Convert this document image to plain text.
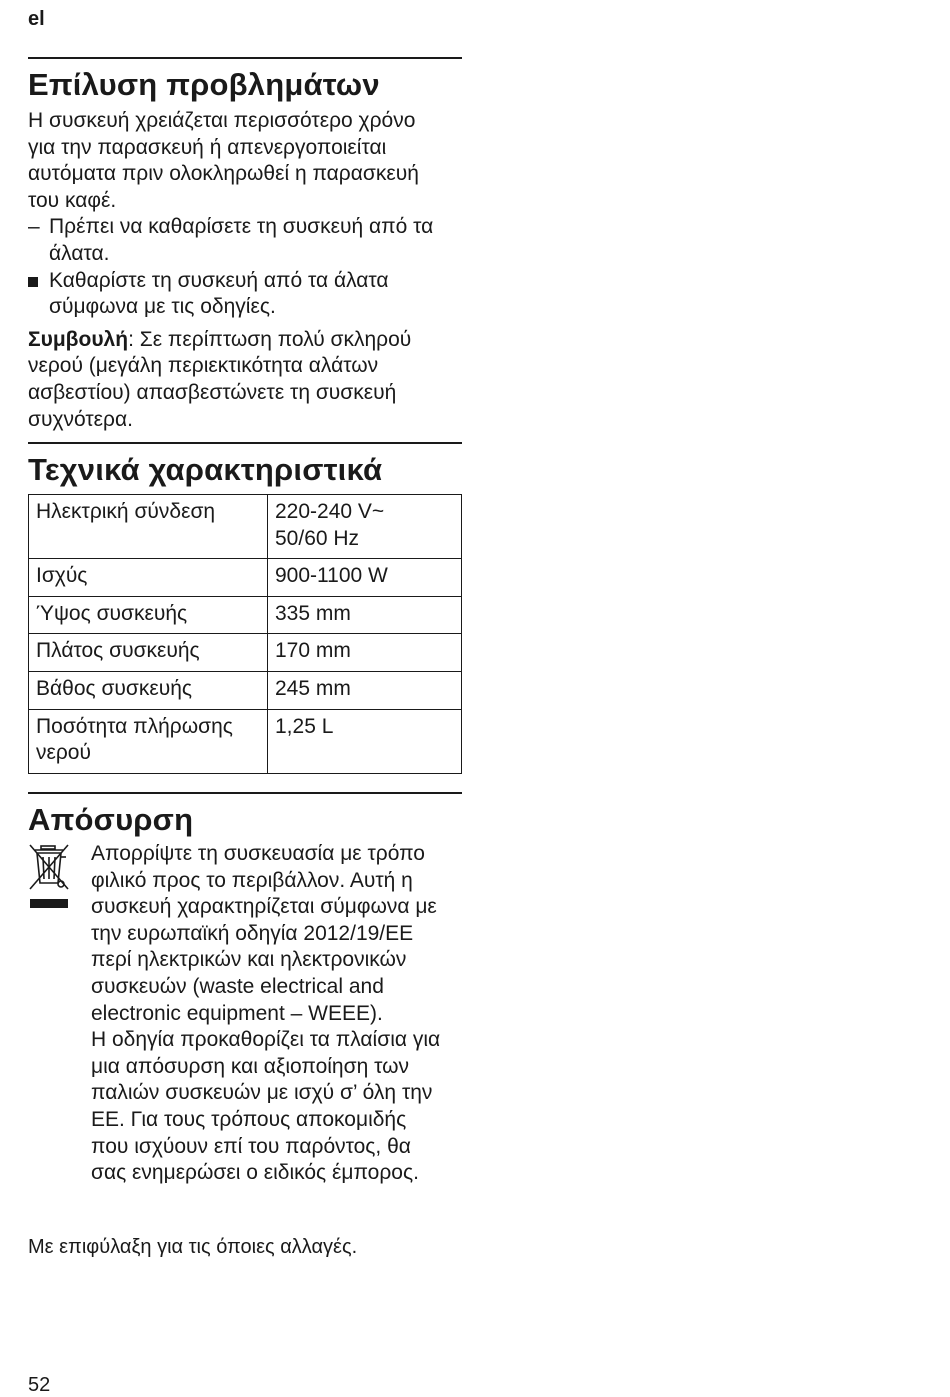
el
Επίλυση προβλημάτων

Η συσκευή χρειάζεται περισσότερο χρόνο
για την παρασκευή ή απενεργοποιείται
αυτόματα πριν ολοκληρωθεί η παρασκευή
του καφέ.

– Πρέπει να καθαρίσετε τη συσκευή από τα
άλατα.
Καθαρίστε τη συσκευή από τα άλατα
σύμφωνα με τις οδηγίες.

Συμβουλή: Σε περίπτωση πολύ σκληρού
νερού (μεγάλη περιεκτικότητα αλάτων
ασβεστίου) απασβεστώνετε τη συσκευή
συχνότερα.

Τεχνικά χαρακτηριστικά
Ηλεκτρική σύνδεση	220-240 V~
50/60 Hz
Ισχύς	900-1100 W
Ύψος συσκευής	335 mm
Πλάτος συσκευής	170 mm
Βάθος συσκευής	245 mm
Ποσότητα πλήρωσης
νερού	1,25 L
Απόσυρση

Απορρίψτε τη συσκευασία με τρόπο
φιλικό προς το περιβάλλον. Αυτή η
συσκευή χαρακτηρίζεται σύμφωνα με
την ευρωπαϊκή οδηγία 2012/19/ΕΕ
περί ηλεκτρικών και ηλεκτρονικών
συσκευών (waste electrical and
electronic equipment – WEEE).
Η οδηγία προκαθορίζει τα πλαίσια για
μια απόσυρση και αξιοποίηση των
παλιών συσκευών με ισχύ σ’ όλη την
ΕΕ. Για τους τρόπους αποκομιδής
που ισχύουν επί του παρόντος, θα
σας ενημερώσει ο ειδικός έμπορος.

Με επιφύλαξη για τις όποιες αλλαγές.
52
